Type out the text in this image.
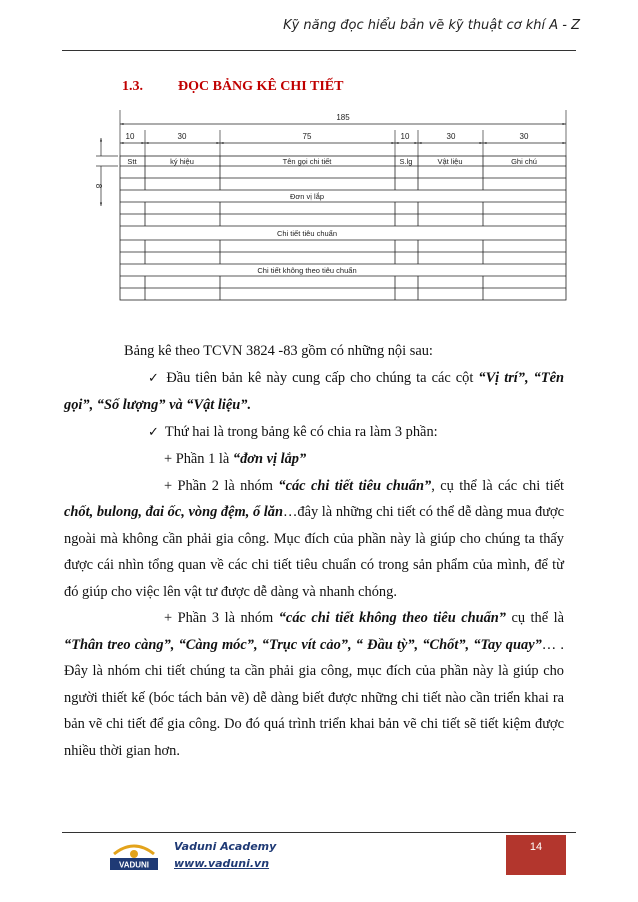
Kỹ năng đọc hiểu bản vẽ kỹ thuật cơ khí A - Z
1.3.	ĐỌC BẢNG KÊ CHI TIẾT
185
10	30	75	10	30	30
8
Stt	ký hiệu	Tên gọi chi tiết	S.lg	Vật liệu	Ghi chú
Đơn vị lắp
Chi tiết tiêu chuẩn
Chi tiết không theo tiêu chuẩn

Bảng kê theo TCVN 3824 -83 gồm có những nội sau:

✓ Đầu tiên bản kê này cung cấp cho chúng ta các cột “Vị trí”, “Tên gọi”, “Số lượng” và “Vật liệu”.

✓ Thứ hai là trong bảng kê có chia ra làm 3 phần:

+ Phần 1 là “đơn vị lắp”

+ Phần 2 là nhóm “các chi tiết tiêu chuẩn”, cụ thể là các chi tiết chốt, bulong, đai ốc, vòng đệm, ổ lăn…đây là những chi tiết có thể dễ dàng mua được ngoài mà không cần phải gia công. Mục đích của phần này là giúp cho chúng ta thấy được cái nhìn tổng quan về các chi tiết tiêu chuẩn có trong sản phẩm của mình, để từ đó giúp cho việc lên vật tư được dễ dàng và nhanh chóng.

+ Phần 3 là nhóm “các chi tiết không theo tiêu chuẩn” cụ thể là “Thân treo càng”, “Càng móc”, “Trục vít cảo”, “ Đầu tỳ”, “Chốt”, “Tay quay”… . Đây là nhóm chi tiết chúng ta cần phải gia công, mục đích của phần này là giúp cho người thiết kế (bóc tách bản vẽ) dễ dàng biết được những chi tiết nào cần triển khai ra bản vẽ chi tiết để gia công. Do đó quá trình triển khai bản vẽ chi tiết sẽ tiết kiệm được nhiều thời gian hơn.

VADUNI
Vaduni Academy
www.vaduni.vn
14
